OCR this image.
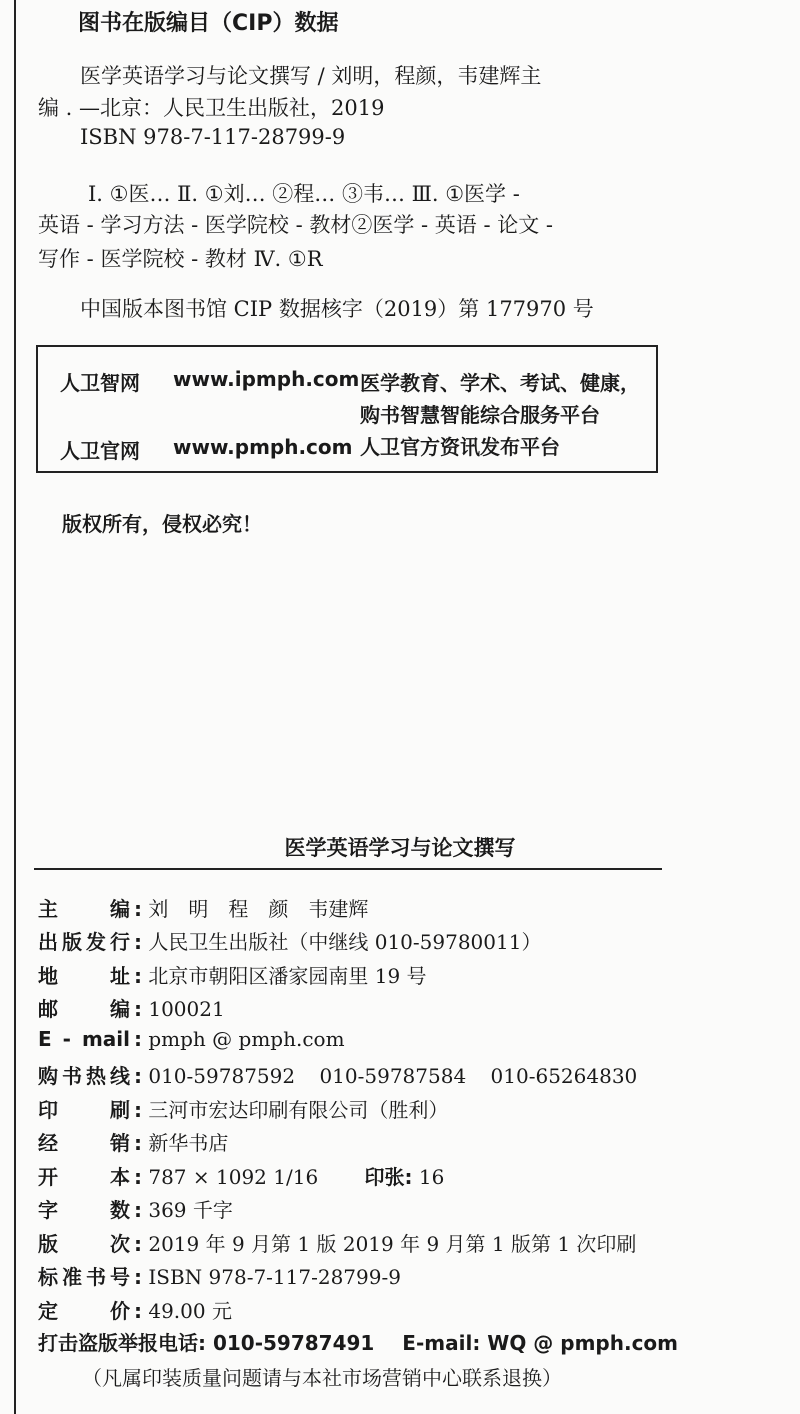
图书在版编目（CIP）数据
医学英语学习与论文撰写 / 刘明，程颜，韦建辉主
编 . —北京：人民卫生出版社，2019
ISBN 978-7-117-28799-9
Ⅰ. ①医… Ⅱ. ①刘… ②程… ③韦… Ⅲ. ①医学 -
英语 - 学习方法 - 医学院校 - 教材②医学 - 英语 - 论文 -
写作 - 医学院校 - 教材 Ⅳ. ①R
中国版本图书馆 CIP 数据核字（2019）第 177970 号
人卫智网 www.ipmph.com 医学教育、学术、考试、健康，
购书智慧智能综合服务平台
人卫官网 www.pmph.com 人卫官方资讯发布平台
版权所有，侵权必究！
医学英语学习与论文撰写
主　　编 : 刘　明　程　颜　韦建辉
出版发行 : 人民卫生出版社（中继线 010-59780011）
地　　址 : 北京市朝阳区潘家园南里 19 号
邮　　编 : 100021
E - mail : pmph @ pmph.com
购书热线 : 010-59787592 010-59787584 010-65264830
印　　刷 : 三河市宏达印刷有限公司（胜利）
经　　销 : 新华书店
开　　本 : 787 × 1092 1/16 印张: 16
字　　数 : 369 千字
版　　次 : 2019 年 9 月第 1 版 2019 年 9 月第 1 版第 1 次印刷
标准书号 : ISBN 978-7-117-28799-9
定　　价 : 49.00 元
打击盗版举报电话: 010-59787491 E-mail: WQ @ pmph.com
（凡属印装质量问题请与本社市场营销中心联系退换）
